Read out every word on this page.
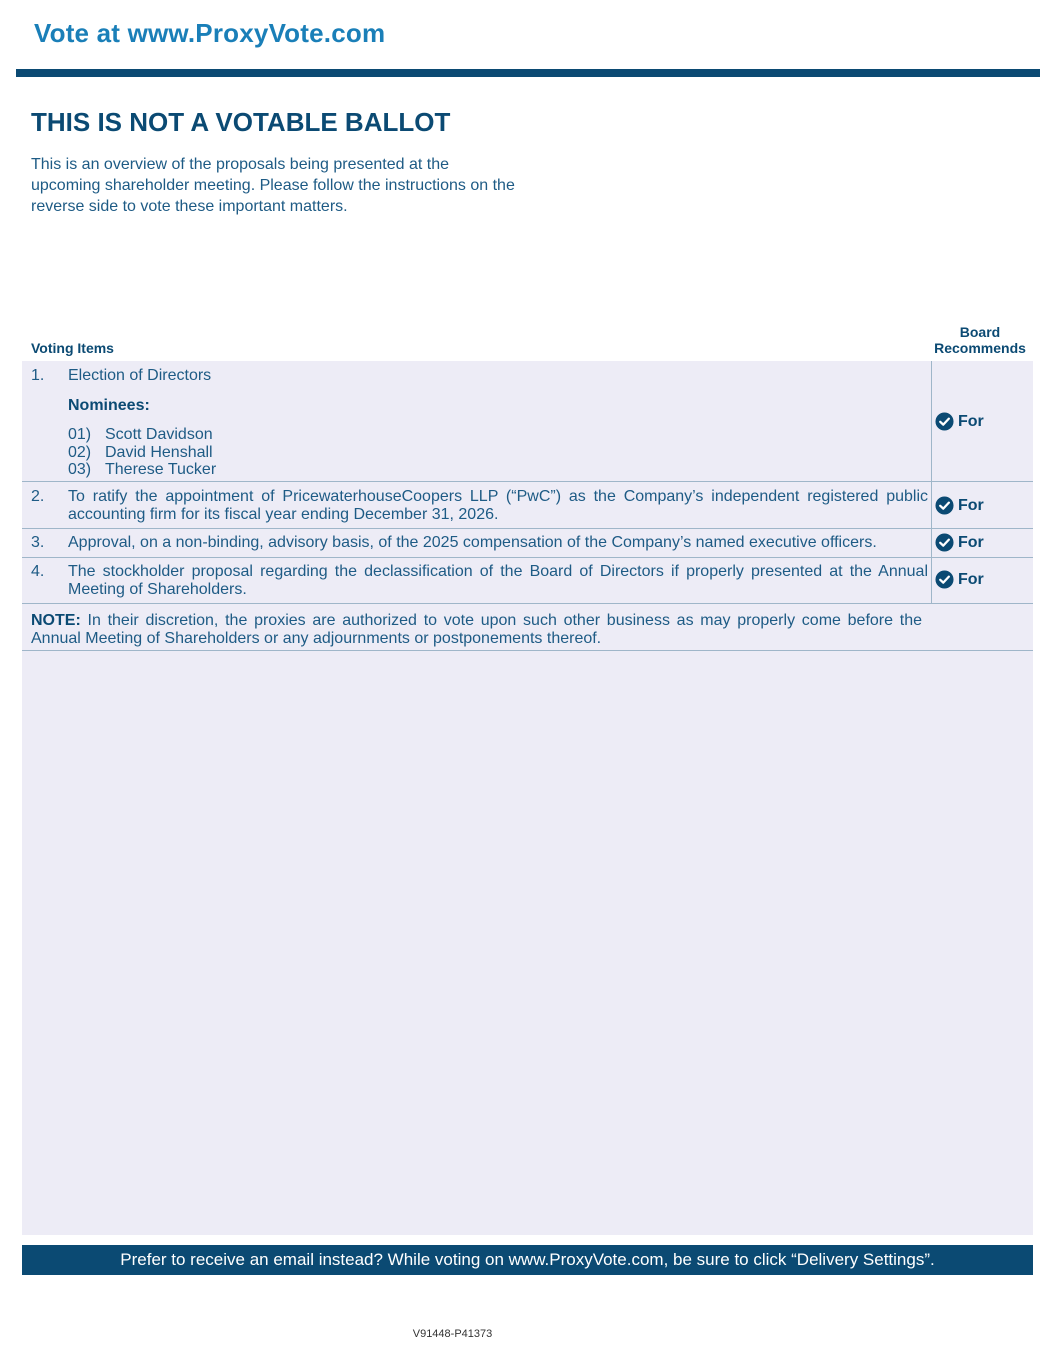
Vote at www.ProxyVote.com
THIS IS NOT A VOTABLE BALLOT
This is an overview of the proposals being presented at the upcoming shareholder meeting. Please follow the instructions on the reverse side to vote these important matters.
Voting Items
Board
Recommends
1. Election of Directors
Nominees:
01) Scott Davidson
02) David Henshall
03) Therese Tucker
For
2. To ratify the appointment of PricewaterhouseCoopers LLP (“PwC”) as the Company’s independent registered public accounting firm for its fiscal year ending December 31, 2026.
For
3. Approval, on a non-binding, advisory basis, of the 2025 compensation of the Company’s named executive officers.	For
4. The stockholder proposal regarding the declassification of the Board of Directors if properly presented at the Annual Meeting of Shareholders.
For
NOTE: In their discretion, the proxies are authorized to vote upon such other business as may properly come before the Annual Meeting of Shareholders or any adjournments or postponements thereof.
Prefer to receive an email instead? While voting on www.ProxyVote.com, be sure to click “Delivery Settings”.
V91448-P41373
